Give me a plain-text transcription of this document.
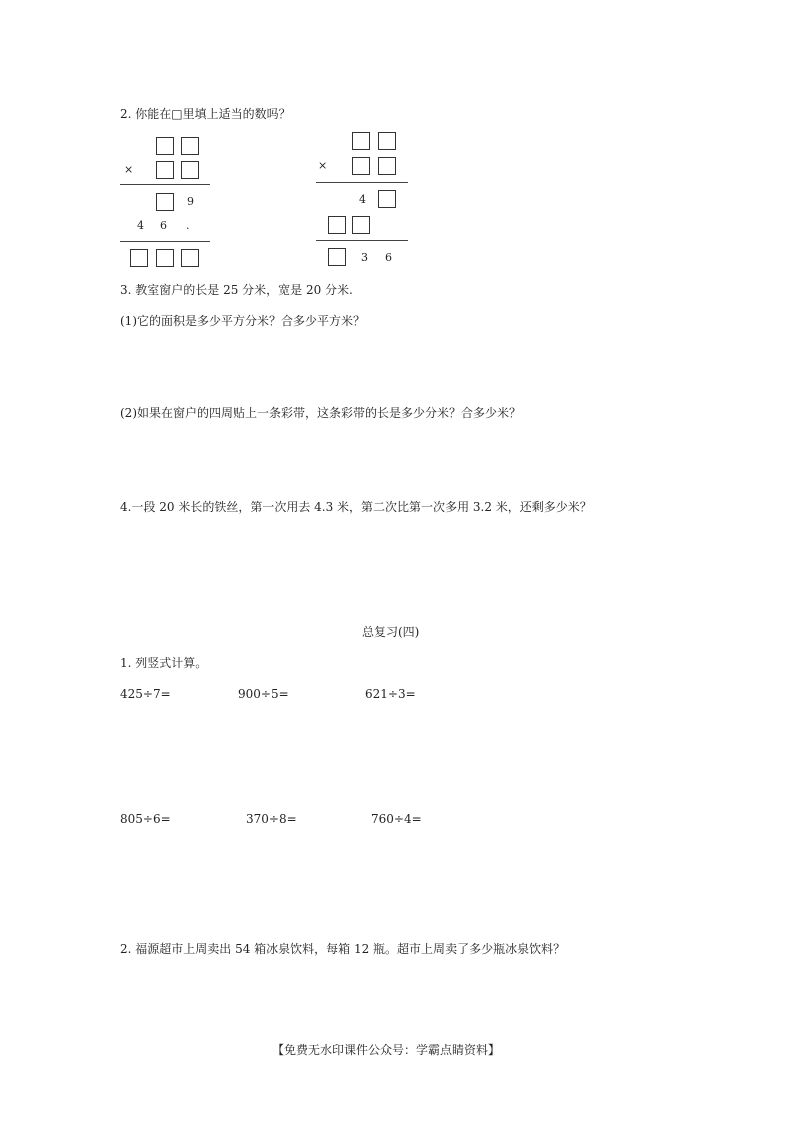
2. 你能在□里填上适当的数吗？
×
9
4 6 .
×
4
3 6
3. 教室窗户的长是 25 分米，宽是 20 分米.
(1)它的面积是多少平方分米？合多少平方米？
(2)如果在窗户的四周贴上一条彩带，这条彩带的长是多少分米？合多少米？
4.一段 20 米长的铁丝，第一次用去 4.3 米，第二次比第一次多用 3.2 米，还剩多少米？
总复习(四)
1. 列竖式计算。
425÷7=	900÷5=	621÷3=
805÷6=	370÷8=	760÷4=
2. 福源超市上周卖出 54 箱冰泉饮料，每箱 12 瓶。超市上周卖了多少瓶冰泉饮料？
【免费无水印课件公众号：学霸点睛资料】
